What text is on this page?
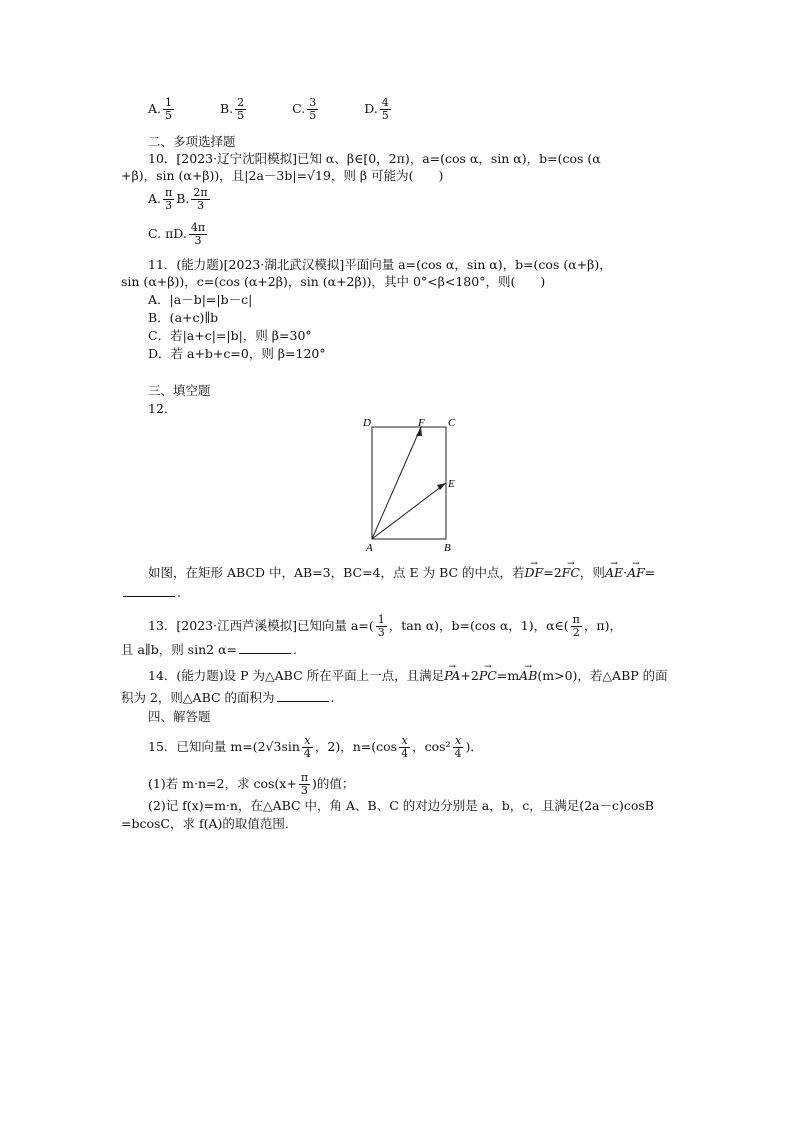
A. $\frac{1}{5}$	B. $\frac{2}{5}$	C. $\frac{3}{5}$	D. $\frac{4}{5}$
二、多项选择题
10．[2023·辽宁沈阳模拟]已知 α、β∈[0，2π)，a=(cos α，sin α)，b=(cos (α
+β)，sin (α+β))，且|2a－3b|=√19，则 β 可能为(　　)
A. $\frac{\pi}{3} B$. $\frac{2\pi}{3}$
C. πD. $\frac{4\pi}{3}$
11．(能力题)[2023·湖北武汉模拟]平面向量 a=(cos α，sin α)，b=(cos (α+β)，
sin (α+β))，c=(cos (α+2β)，sin (α+2β))，其中 0°<β<180°，则(　　)
A．|a－b|=|b－c|
B．(a+c)∥b
C．若|a+c|=|b|，则 β=30°
D．若 a+b+c=0，则 β=120°
三、填空题
12.
D	F C
E
A	B
如图，在矩形 ABCD 中，AB=3，BC=4，点 E 为 BC 的中点，若→ DF=2→ FC，则→ AE·→ AF=
.
13．[2023·江西芦溪模拟]已知向量 $a=( \frac{1}{3}$ ，tan α)，b=(cos α，1)，α∈( $\frac{\pi}{2}$ ，π)，
且 a∥b，则 sin2 α=	.
14．(能力题)设 P 为△ABC 所在平面上一点，且满足→ PA+2→ PC=m→ AB(m>0)，若△ABP 的面
积为 2，则△ABC 的面积为	.
四、解答题
15．已知向量 $m=(2√3\sin \frac{x}{4}$ ，2)，$n=(\cos \frac{x}{4}$ ，$\cos^2 \frac{x}{4}$ )．
(1)若 m·n=2，求 $\cos(x+ \frac{\pi}{3}$ )的值；
(2)记 f(x)=m·n，在△ABC 中，角 A、B、C 的对边分别是 a，b，c，且满足(2a－c)cosB
=bcosC，求 f(A)的取值范围．
